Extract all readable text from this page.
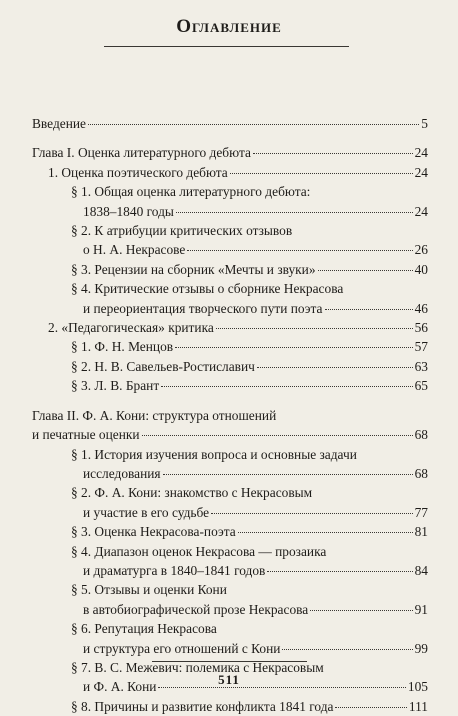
Оглавление
Введение	5
Глава I. Оценка литературного дебюта	24
1. Оценка поэтического дебюта	24
§ 1. Общая оценка литературного дебюта:
1838–1840 годы	24
§ 2. К атрибуции критических отзывов
о Н. А. Некрасове	26
§ 3. Рецензии на сборник «Мечты и звуки»	40
§ 4. Критические отзывы о сборнике Некрасова
и переориентация творческого пути поэта	46
2. «Педагогическая» критика	56
§ 1. Ф. Н. Менцов	57
§ 2. Н. В. Савельев-Ростиславич	63
§ 3. Л. В. Брант	65
Глава II. Ф. А. Кони: структура отношений
и печатные оценки	68
§ 1. История изучения вопроса и основные задачи
исследования	68
§ 2. Ф. А. Кони: знакомство с Некрасовым
и участие в его судьбе	77
§ 3. Оценка Некрасова-поэта	81
§ 4. Диапазон оценок Некрасова — прозаика
и драматурга в 1840–1841 годов	84
§ 5. Отзывы и оценки Кони
в автобиографической прозе Некрасова	91
§ 6. Репутация Некрасова
и структура его отношений с Кони	99
§ 7. В. С. Межевич: полемика с Некрасовым
и Ф. А. Кони	105
§ 8. Причины и развитие конфликта 1841 года	111
511
